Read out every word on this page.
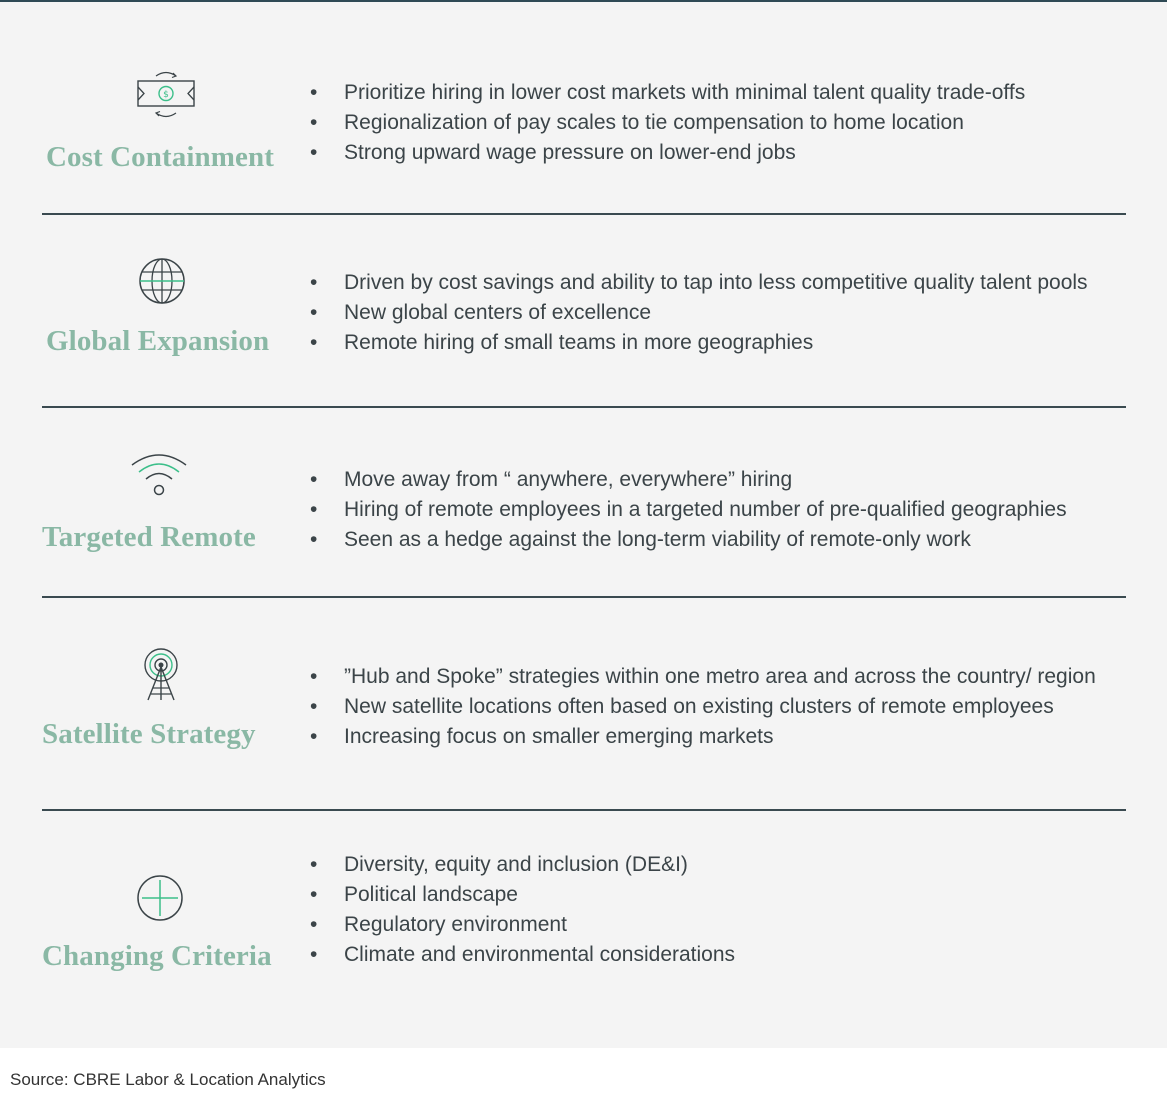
$
Cost Containment
• Prioritize hiring in lower cost markets with minimal talent quality trade-offs
• Regionalization of pay scales to tie compensation to home location
• Strong upward wage pressure on lower-end jobs
Global Expansion
• Driven by cost savings and ability to tap into less competitive quality talent pools
• New global centers of excellence
• Remote hiring of small teams in more geographies
Targeted Remote
• Move away from “ anywhere, everywhere” hiring
• Hiring of remote employees in a targeted number of pre-qualified geographies
• Seen as a hedge against the long-term viability of remote-only work
Satellite Strategy
• ”Hub and Spoke” strategies within one metro area and across the country/ region
• New satellite locations often based on existing clusters of remote employees
• Increasing focus on smaller emerging markets
Changing Criteria
• Diversity, equity and inclusion (DE&I)
• Political landscape
• Regulatory environment
• Climate and environmental considerations
Source: CBRE Labor & Location Analytics
